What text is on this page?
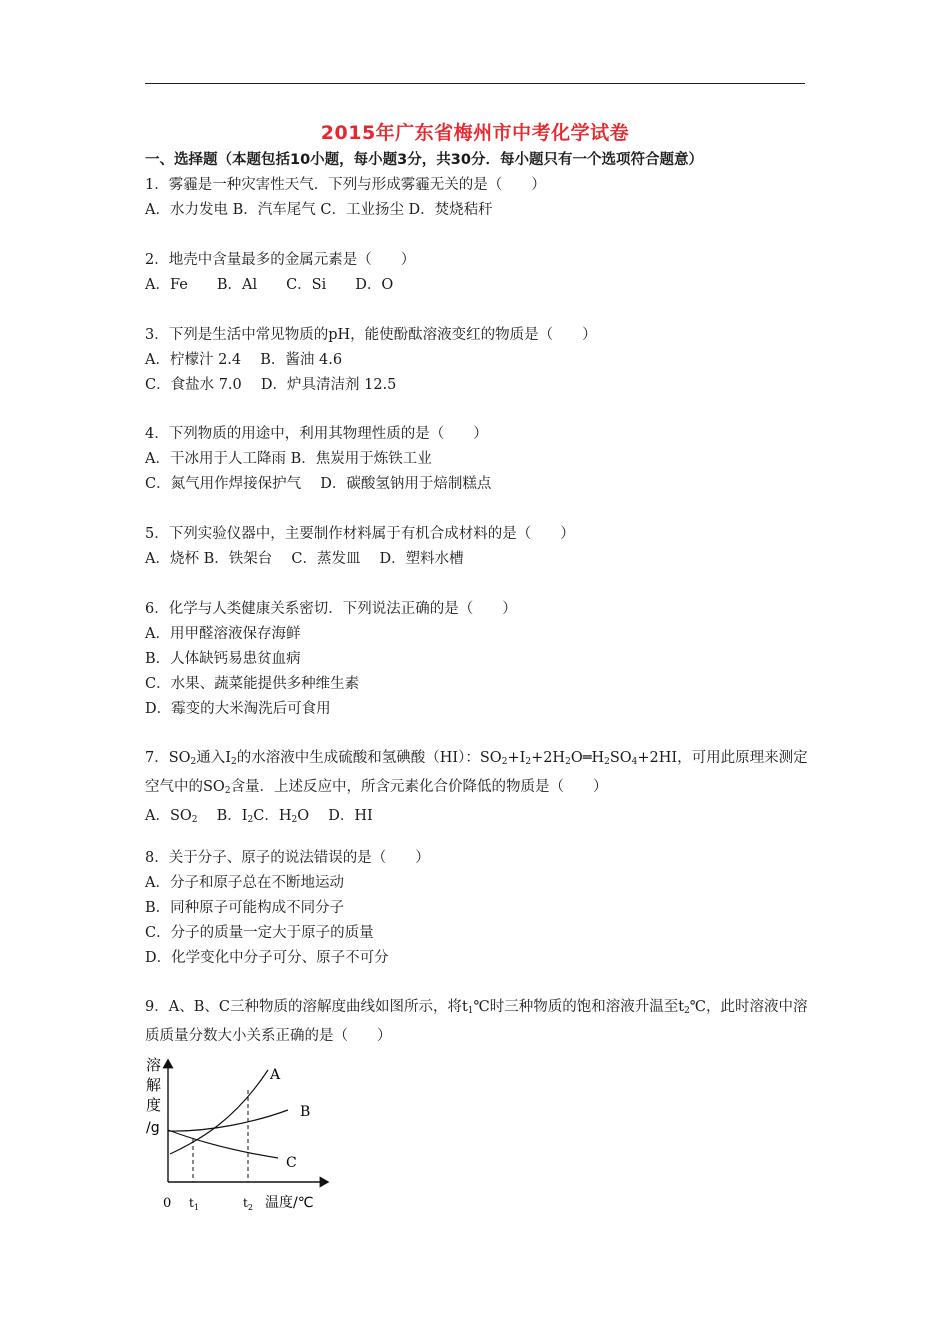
2015年广东省梅州市中考化学试卷
一、选择题（本题包括10小题，每小题3分，共30分．每小题只有一个选项符合题意）
1．雾霾是一种灾害性天气．下列与形成雾霾无关的是（　　）
A．水力发电 B．汽车尾气 C．工业扬尘 D．焚烧秸秆
2．地壳中含量最多的金属元素是（　　）
A．Fe　　B．Al　　C．Si　　D．O
3．下列是生活中常见物质的pH，能使酚酞溶液变红的物质是（　　）
A．柠檬汁 2.4　 B．酱油 4.6
C．食盐水 7.0　 D．炉具清洁剂 12.5
4．下列物质的用途中，利用其物理性质的是（　　）
A．干冰用于人工降雨 B．焦炭用于炼铁工业
C．氮气用作焊接保护气　 D．碳酸氢钠用于焙制糕点
5．下列实验仪器中，主要制作材料属于有机合成材料的是（　　）
A．烧杯 B．铁架台　 C．蒸发皿　 D．塑料水槽
6．化学与人类健康关系密切．下列说法正确的是（　　）
A．用甲醛溶液保存海鲜
B．人体缺钙易患贫血病
C．水果、蔬菜能提供多种维生素
D．霉变的大米淘洗后可食用
7．$SO_2$通入$I_2$的水溶液中生成硫酸和氢碘酸（HI）：$SO_2+I_2+2H_2O═H_2SO_4+2HI$，可用此原理来测定空气中的$SO_2$含量．上述反应中，所含元素化合价降低的物质是（　　）
A．$SO_2$　 B．$I_2C$．$H_2O$　 D．HI
8．关于分子、原子的说法错误的是（　　）
A．分子和原子总在不断地运动
B．同种原子可能构成不同分子
C．分子的质量一定大于原子的质量
D．化学变化中分子可分、原子不可分
9．A、B、C三种物质的溶解度曲线如图所示，将$t_1℃$时三种物质的饱和溶液升温至$t_2℃$，此时溶液中溶质质量分数大小关系正确的是（　　）
溶
解
度
/g
A
B
C
0 $t_1$	$t_2$ 温度/℃
